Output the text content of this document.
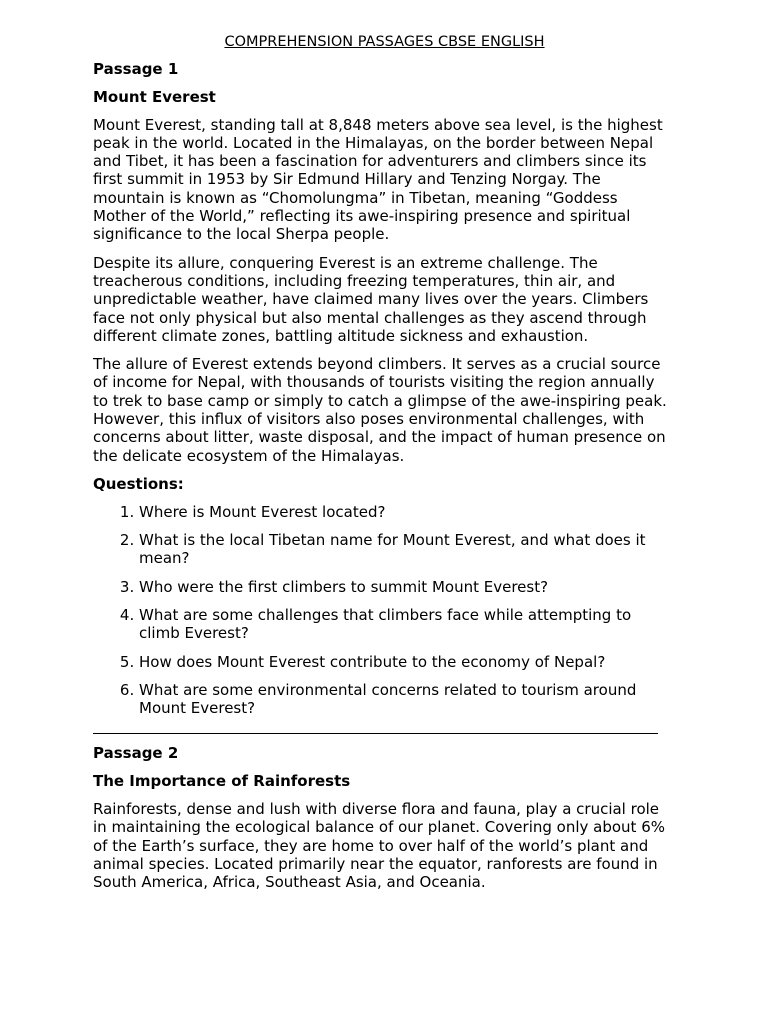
COMPREHENSION PASSAGES CBSE ENGLISH
Passage 1
Mount Everest

Mount Everest, standing tall at 8,848 meters above sea level, is the highest peak in the world. Located in the Himalayas, on the border between Nepal and Tibet, it has been a fascination for adventurers and climbers since its first summit in 1953 by Sir Edmund Hillary and Tenzing Norgay. The mountain is known as “Chomolungma” in Tibetan, meaning “Goddess Mother of the World,” reflecting its awe-inspiring presence and spiritual significance to the local Sherpa people.

Despite its allure, conquering Everest is an extreme challenge. The treacherous conditions, including freezing temperatures, thin air, and unpredictable weather, have claimed many lives over the years. Climbers face not only physical but also mental challenges as they ascend through different climate zones, battling altitude sickness and exhaustion.

The allure of Everest extends beyond climbers. It serves as a crucial source of income for Nepal, with thousands of tourists visiting the region annually to trek to base camp or simply to catch a glimpse of the awe-inspiring peak. However, this influx of visitors also poses environmental challenges, with concerns about litter, waste disposal, and the impact of human presence on the delicate ecosystem of the Himalayas.

Questions:
1. Where is Mount Everest located?
2. What is the local Tibetan name for Mount Everest, and what does it mean?
3. Who were the first climbers to summit Mount Everest?
4. What are some challenges that climbers face while attempting to climb Everest?
5. How does Mount Everest contribute to the economy of Nepal?
6. What are some environmental concerns related to tourism around Mount Everest?
Passage 2
The Importance of Rainforests

Rainforests, dense and lush with diverse flora and fauna, play a crucial role in maintaining the ecological balance of our planet. Covering only about 6% of the Earth’s surface, they are home to over half of the world’s plant and animal species. Located primarily near the equator, ranforests are found in South America, Africa, Southeast Asia, and Oceania.
